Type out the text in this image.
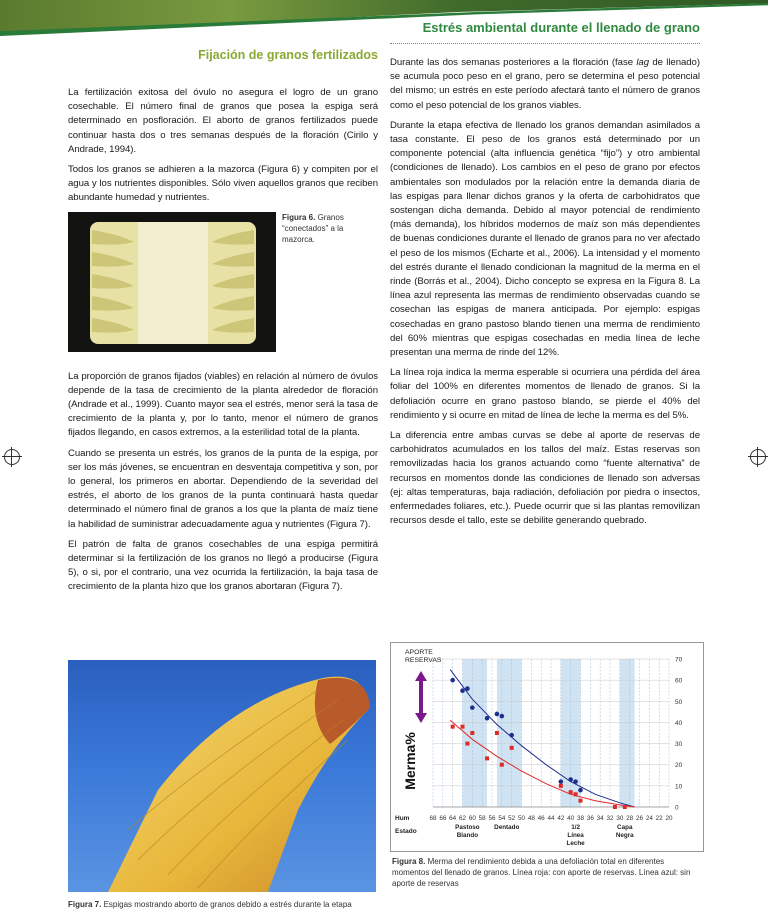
Fijación de granos fertilizados

La fertilización exitosa del óvulo no asegura el logro de un grano cosechable. El número final de granos que posea la espiga será determinado en posfloración. El aborto de granos fertilizados puede continuar hasta dos o tres semanas después de la floración (Cirilo y Andrade, 1994).

Todos los granos se adhieren a la mazorca (Figura 6) y compiten por el agua y los nutrientes disponibles. Sólo viven aquellos granos que reciben abundante humedad y nutrientes.

Figura 6. Granos “conectados” a la mazorca.

La proporción de granos fijados (viables) en relación al número de óvulos depende de la tasa de crecimiento de la planta alrededor de floración (Andrade et al., 1999). Cuanto mayor sea el estrés, menor será la tasa de crecimiento de la planta y, por lo tanto, menor el número de granos fijados llegando, en casos extremos, a la esterilidad total de la planta.

Cuando se presenta un estrés, los granos de la punta de la espiga, por ser los más jóvenes, se encuentran en desventaja competitiva y son, por lo general, los primeros en abortar. Dependiendo de la severidad del estrés, el aborto de los granos de la punta continuará hasta quedar determinado el número final de granos a los que la planta de maíz tiene la habilidad de suministrar adecuadamente agua y nutrientes (Figura 7).

El patrón de falta de granos cosechables de una espiga permitirá determinar si la fertilización de los granos no llegó a producirse (Figura 5), o si, por el contrario, una vez ocurrida la fertilización, la baja tasa de crecimiento de la planta hizo que los granos abortaran (Figura 7).

Figura 7. Espigas mostrando aborto de granos debido a estrés durante la etapa
Estrés ambiental durante el llenado de grano

Durante las dos semanas posteriores a la floración (fase lag de llenado) se acumula poco peso en el grano, pero se determina el peso potencial del mismo; un estrés en este período afectará tanto el número de granos como el peso potencial de los granos viables.

Durante la etapa efectiva de llenado los granos demandan asimilados a tasa constante. El peso de los granos está determinado por un componente potencial (alta influencia genética “fijo”) y otro ambiental (condiciones de llenado). Los cambios en el peso de grano por efectos ambientales son modulados por la relación entre la demanda diaria de las espigas para llenar dichos granos y la oferta de carbohidratos que sostengan dicha demanda. Debido al mayor potencial de rendimiento (más demanda), los híbridos modernos de maíz son más dependientes de buenas condiciones durante el llenado de granos para no ver afectado el peso de los mismos (Echarte et al., 2006). La intensidad y el momento del estrés durante el llenado condicionan la magnitud de la merma en el rinde (Borrás et al., 2004). Dicho concepto se expresa en la Figura 8. La línea azul representa las mermas de rendimiento observadas cuando se cosechan las espigas de manera anticipada. Por ejemplo: espigas cosechadas en grano pastoso blando tienen una merma de rendimiento del 60% mientras que espigas cosechadas en media línea de leche presentan una merma de rinde del 12%.

La línea roja indica la merma esperable si ocurriera una pérdida del área foliar del 100% en diferentes momentos de llenado de granos. Si la defoliación ocurre en grano pastoso blando, se pierde el 40% del rendimiento y si ocurre en mitad de línea de leche la merma es del 5%.

La diferencia entre ambas curvas se debe al aporte de reservas de carbohidratos acumulados en los tallos del maíz. Estas reservas son removilizadas hacia los granos actuando como “fuente alternativa” de recursos en momentos donde las condiciones de llenado son adversas (ej: altas temperaturas, baja radiación, defoliación por piedra o insectos, enfermedades foliares, etc.). Puede ocurrir que si las plantas removilizan recursos desde el tallo, este se debilite generando quebrado.

0
10
20
30
40
50
60
70
Hum	68 66 64 62 60 58 56 54 52 50 48 46 44 42 40 38 36 34 32 30 28 26 24 22 20
Estado
Pastoso
Blando
Dentado	1/2
Línea
Leche
Capa
Negra
APORTE
RESERVAS
Merma%
Figura 8. Merma del rendimiento debida a una defoliación total en diferentes momentos del llenado de granos. Línea roja: con aporte de reservas. Línea azul: sin aporte de reservas
